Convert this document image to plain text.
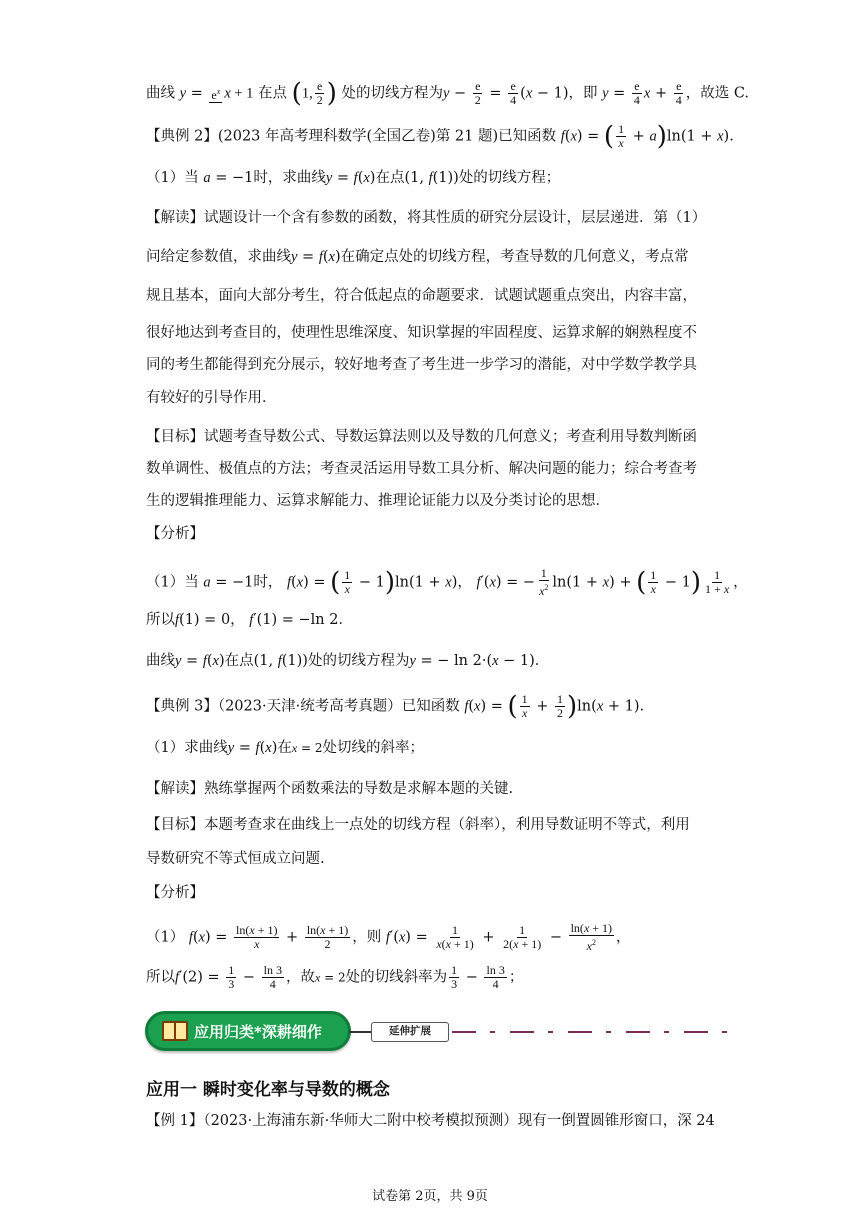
曲线 $y = e^x$ x + 1 在点 (1, $\frac{e}{2}$ ) 处的切线方程为$y - \frac{e}{2} = \frac{e}{4} (x - 1)$，即 $y = \frac{e}{4}$ $x + \frac{e}{4}$ ，故选 C.
【典例 2】(2023 年高考理科数学(全国乙卷)第 21 题)已知函数 f(x) = ( $\frac{1}{x} + a)\ln(1 + x)$.
（1）当 a = −1时，求曲线y = f(x)在点(1, f(1))处的切线方程；
【解读】试题设计一个含有参数的函数，将其性质的研究分层设计，层层递进．第（1）
问给定参数值，求曲线y = f(x)在确定点处的切线方程，考查导数的几何意义，考点常
规且基本，面向大部分考生，符合低起点的命题要求．试题试题重点突出，内容丰富，
很好地达到考查目的，使理性思维深度、知识掌握的牢固程度、运算求解的娴熟程度不
同的考生都能得到充分展示，较好地考查了考生进一步学习的潜能，对中学数学教学具
有较好的引导作用．
【目标】试题考查导数公式、导数运算法则以及导数的几何意义；考查利用导数判断函
数单调性、极值点的方法；考查灵活运用导数工具分析、解决问题的能力；综合考查考
生的逻辑推理能力、运算求解能力、推理论证能力以及分类讨论的思想．
【分析】
（1）当 a = −1时， f(x) = ( $\frac{1}{x} - 1)\ln(1 + x)$， f′(x) = − $\frac{1}{x^2} \ln(1 + x)$ + ( $\frac{1}{x} - 1) \frac{1}{1 + x}$ ，
所以f(1) = 0， f′(1) = −ln 2．
曲线y = f(x)在点(1, f(1))处的切线方程为y = − ln 2·(x − 1)．
【典例 3】（2023·天津·统考高考真题）已知函数 f(x) = ( $\frac{1}{x} + \frac{1}{2} )\ln(x + 1)$.
（1）求曲线y = f(x)在x = 2处切线的斜率；
【解读】熟练掌握两个函数乘法的导数是求解本题的关键.
【目标】本题考查求在曲线上一点处的切线方程（斜率），利用导数证明不等式，利用
导数研究不等式恒成立问题.
【分析】
（1） $f(x) = \frac{\ln(x + 1)}{x} + \frac{\ln(x + 1)}{2}$ ，则 $f'(x) = \frac{1}{x(x + 1)} + \frac{1}{2(x + 1)} - \frac{\ln(x + 1)}{x^2}$ ，
所以$f'(2) = \frac{1}{3} - \frac{\ln 3}{4}$ ，故x = 2处的切线斜率为 $\frac{1}{3} - \frac{\ln 3}{4}$ ；
应用归类*深耕细作	延伸扩展
应用一 瞬时变化率与导数的概念
【例 1】（2023·上海浦东新·华师大二附中校考模拟预测）现有一倒置圆锥形窗口，深 24
试卷第 2页，共 9页
